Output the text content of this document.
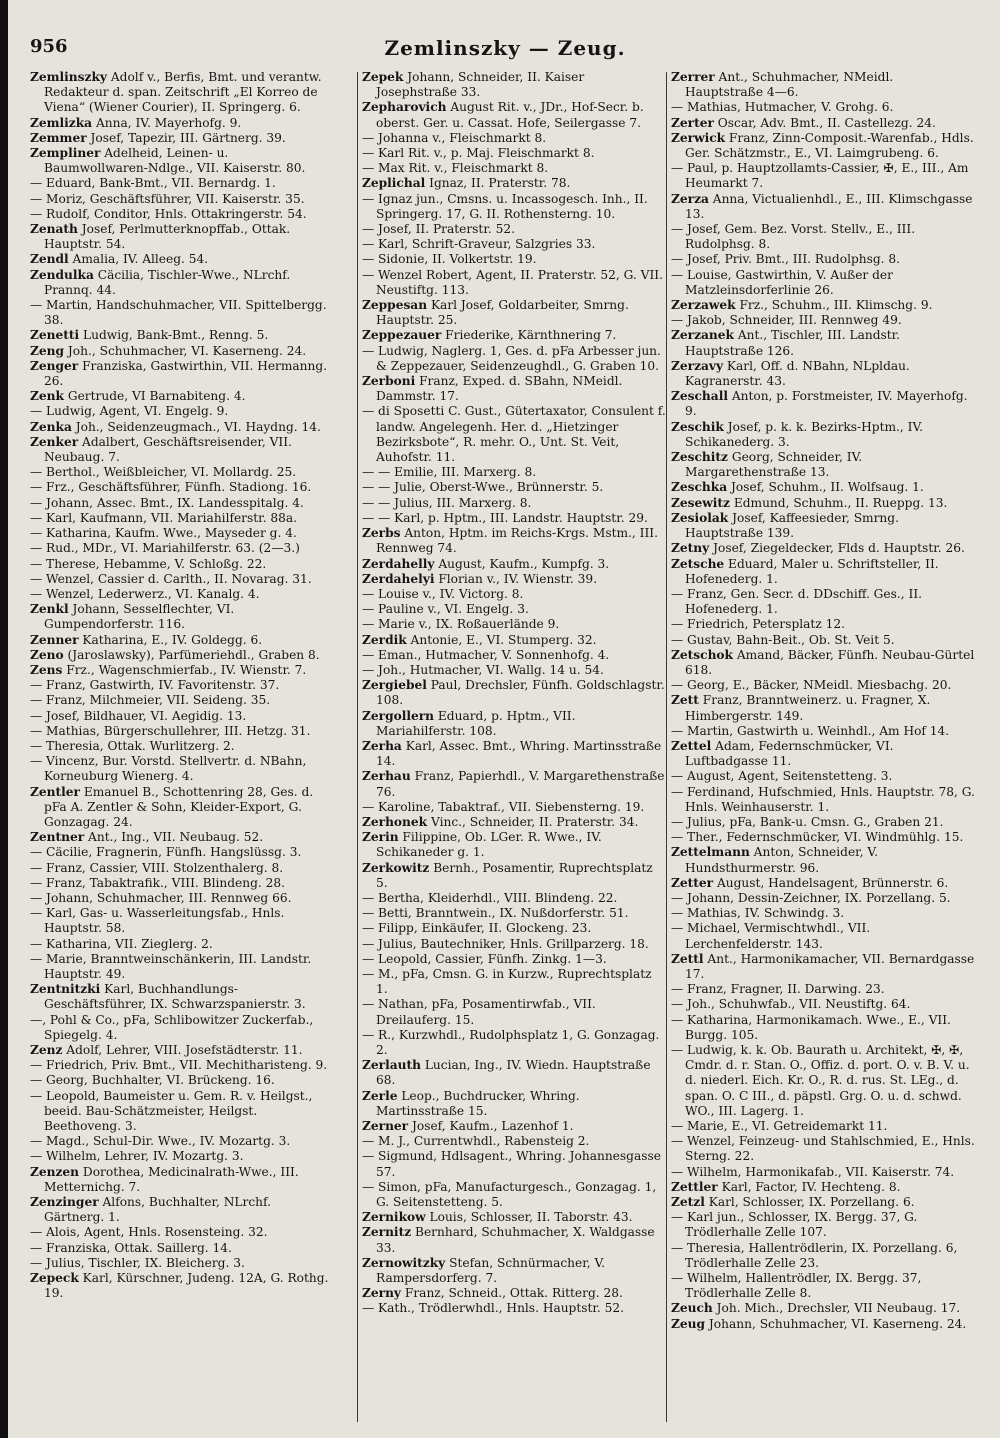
956	Zemlinszky — Zeug.

Zemlinszky Adolf v., Berfis, Bmt. und verantw. Redakteur d. span. Zeitschrift „El Korreo de Viena“ (Wiener Courier), II. Springerg. 6.

Zemlizka Anna, IV. Mayerhofg. 9.

Zemmer Josef, Tapezir, III. Gärtnerg. 39.

Zempliner Adelheid, Leinen- u. Baumwollwaren-Ndlge., VII. Kaiserstr. 80.

— Eduard, Bank-Bmt., VII. Bernardg. 1.

— Moriz, Geschäftsführer, VII. Kaiserstr. 35.

— Rudolf, Conditor, Hnls. Ottakringerstr. 54.

Zenath Josef, Perlmutterknopffab., Ottak. Hauptstr. 54.

Zendl Amalia, IV. Alleeg. 54.

Zendulka Cäcilia, Tischler-Wwe., NLrchf. Prannq. 44.

— Martin, Handschuhmacher, VII. Spittelbergg. 38.

Zenetti Ludwig, Bank-Bmt., Renng. 5.

Zeng Joh., Schuhmacher, VI. Kaserneng. 24.

Zenger Franziska, Gastwirthin, VII. Hermanng. 26.

Zenk Gertrude, VI Barnabiteng. 4.

— Ludwig, Agent, VI. Engelg. 9.

Zenka Joh., Seidenzeugmach., VI. Haydng. 14.

Zenker Adalbert, Geschäftsreisender, VII. Neubaug. 7.

— Berthol., Weißbleicher, VI. Mollardg. 25.

— Frz., Geschäftsführer, Fünfh. Stadiong. 16.

— Johann, Assec. Bmt., IX. Landesspitalg. 4.

— Karl, Kaufmann, VII. Mariahilferstr. 88a.

— Katharina, Kaufm. Wwe., Mayseder g. 4.

— Rud., MDr., VI. Mariahilferstr. 63. (2—3.)

— Therese, Hebamme, V. Schloßg. 22.

— Wenzel, Cassier d. Carlth., II. Novarag. 31.

— Wenzel, Lederwerz., VI. Kanalg. 4.

Zenkl Johann, Sesselflechter, VI. Gumpendorferstr. 116.

Zenner Katharina, E., IV. Goldegg. 6.

Zeno (Jaroslawsky), Parfümeriehdl., Graben 8.

Zens Frz., Wagenschmierfab., IV. Wienstr. 7.

— Franz, Gastwirth, IV. Favoritenstr. 37.

— Franz, Milchmeier, VII. Seideng. 35.

— Josef, Bildhauer, VI. Aegidig. 13.

— Mathias, Bürgerschullehrer, III. Hetzg. 31.

— Theresia, Ottak. Wurlitzerg. 2.

— Vincenz, Bur. Vorstd. Stellvertr. d. NBahn, Korneuburg Wienerg. 4.

Zentler Emanuel B., Schottenring 28, Ges. d. pFa A. Zentler & Sohn, Kleider-Export, G. Gonzagag. 24.

Zentner Ant., Ing., VII. Neubaug. 52.

— Cäcilie, Fragnerin, Fünfh. Hangslüssg. 3.

— Franz, Cassier, VIII. Stolzenthalerg. 8.

— Franz, Tabaktrafik., VIII. Blindeng. 28.

— Johann, Schuhmacher, III. Rennweg 66.

— Karl, Gas- u. Wasserleitungsfab., Hnls. Hauptstr. 58.

— Katharina, VII. Zieglerg. 2.

— Marie, Branntweinschänkerin, III. Landstr. Hauptstr. 49.

Zentnitzki Karl, Buchhandlungs-Geschäftsführer, IX. Schwarzspanierstr. 3.

—, Pohl & Co., pFa, Schlibowitzer Zuckerfab., Spiegelg. 4.

Zenz Adolf, Lehrer, VIII. Josefstädterstr. 11.

— Friedrich, Priv. Bmt., VII. Mechitharisteng. 9.

— Georg, Buchhalter, VI. Brückeng. 16.

— Leopold, Baumeister u. Gem. R. v. Heilgst., beeid. Bau-Schätzmeister, Heilgst. Beethoveng. 3.

— Magd., Schul-Dir. Wwe., IV. Mozartg. 3.

— Wilhelm, Lehrer, IV. Mozartg. 3.

Zenzen Dorothea, Medicinalrath-Wwe., III. Metternichg. 7.

Zenzinger Alfons, Buchhalter, NLrchf. Gärtnerg. 1.

— Alois, Agent, Hnls. Rosensteing. 32.

— Franziska, Ottak. Saillerg. 14.

— Julius, Tischler, IX. Bleicherg. 3.

Zepeck Karl, Kürschner, Judeng. 12A, G. Rothg. 19.

Zepek Johann, Schneider, II. Kaiser Josephstraße 33.

Zepharovich August Rit. v., JDr., Hof-Secr. b. oberst. Ger. u. Cassat. Hofe, Seilergasse 7.

— Johanna v., Fleischmarkt 8.

— Karl Rit. v., p. Maj. Fleischmarkt 8.

— Max Rit. v., Fleischmarkt 8.

Zeplichal Ignaz, II. Praterstr. 78.

— Ignaz jun., Cmsns. u. Incassogesch. Inh., II. Springerg. 17, G. II. Rothensterng. 10.

— Josef, II. Praterstr. 52.

— Karl, Schrift-Graveur, Salzgries 33.

— Sidonie, II. Volkertstr. 19.

— Wenzel Robert, Agent, II. Praterstr. 52, G. VII. Neustiftg. 113.

Zeppesan Karl Josef, Goldarbeiter, Smrng. Hauptstr. 25.

Zeppezauer Friederike, Kärnthnering 7.

— Ludwig, Naglerg. 1, Ges. d. pFa Arbesser jun. & Zeppezauer, Seidenzeughdl., G. Graben 10.

Zerboni Franz, Exped. d. SBahn, NMeidl. Dammstr. 17.

— di Sposetti C. Gust., Gütertaxator, Consulent f. landw. Angelegenh. Her. d. „Hietzinger Bezirksbote“, R. mehr. O., Unt. St. Veit, Auhofstr. 11.

— — Emilie, III. Marxerg. 8.

— — Julie, Oberst-Wwe., Brünnerstr. 5.

— — Julius, III. Marxerg. 8.

— — Karl, p. Hptm., III. Landstr. Hauptstr. 29.

Zerbs Anton, Hptm. im Reichs-Krgs. Mstm., III. Rennweg 74.

Zerdahelly August, Kaufm., Kumpfg. 3.

Zerdahelyi Florian v., IV. Wienstr. 39.

— Louise v., IV. Victorg. 8.

— Pauline v., VI. Engelg. 3.

— Marie v., IX. Roßauerlände 9.

Zerdik Antonie, E., VI. Stumperg. 32.

— Eman., Hutmacher, V. Sonnenhofg. 4.

— Joh., Hutmacher, VI. Wallg. 14 u. 54.

Zergiebel Paul, Drechsler, Fünfh. Goldschlagstr. 108.

Zergollern Eduard, p. Hptm., VII. Mariahilferstr. 108.

Zerha Karl, Assec. Bmt., Whring. Martinsstraße 14.

Zerhau Franz, Papierhdl., V. Margarethenstraße 76.

— Karoline, Tabaktraf., VII. Siebensterng. 19.

Zerhonek Vinc., Schneider, II. Praterstr. 34.

Zerin Filippine, Ob. LGer. R. Wwe., IV. Schikaneder g. 1.

Zerkowitz Bernh., Posamentir, Ruprechtsplatz 5.

— Bertha, Kleiderhdl., VIII. Blindeng. 22.

— Betti, Branntwein., IX. Nußdorferstr. 51.

— Filipp, Einkäufer, II. Glockeng. 23.

— Julius, Bautechniker, Hnls. Grillparzerg. 18.

— Leopold, Cassier, Fünfh. Zinkg. 1—3.

— M., pFa, Cmsn. G. in Kurzw., Ruprechtsplatz 1.

— Nathan, pFa, Posamentirwfab., VII. Dreilauferg. 15.

— R., Kurzwhdl., Rudolphsplatz 1, G. Gonzagag. 2.

Zerlauth Lucian, Ing., IV. Wiedn. Hauptstraße 68.

Zerle Leop., Buchdrucker, Whring. Martinsstraße 15.

Zerner Josef, Kaufm., Lazenhof 1.

— M. J., Currentwhdl., Rabensteig 2.

— Sigmund, Hdlsagent., Whring. Johannesgasse 57.

— Simon, pFa, Manufacturgesch., Gonzagag. 1, G. Seitenstetteng. 5.

Zernikow Louis, Schlosser, II. Taborstr. 43.

Zernitz Bernhard, Schuhmacher, X. Waldgasse 33.

Zernowitzky Stefan, Schnürmacher, V. Rampersdorferg. 7.

Zerny Franz, Schneid., Ottak. Ritterg. 28.

— Kath., Trödlerwhdl., Hnls. Hauptstr. 52.

Zerrer Ant., Schuhmacher, NMeidl. Hauptstraße 4—6.

— Mathias, Hutmacher, V. Grohg. 6.

Zerter Oscar, Adv. Bmt., II. Castellezg. 24.

Zerwick Franz, Zinn-Composit.-Warenfab., Hdls. Ger. Schätzmstr., E., VI. Laimgrubeng. 6.

— Paul, p. Hauptzollamts-Cassier, ✠, E., III., Am Heumarkt 7.

Zerza Anna, Victualienhdl., E., III. Klimschgasse 13.

— Josef, Gem. Bez. Vorst. Stellv., E., III. Rudolphsg. 8.

— Josef, Priv. Bmt., III. Rudolphsg. 8.

— Louise, Gastwirthin, V. Außer der Matzleinsdorferlinie 26.

Zerzawek Frz., Schuhm., III. Klimschg. 9.

— Jakob, Schneider, III. Rennweg 49.

Zerzanek Ant., Tischler, III. Landstr. Hauptstraße 126.

Zerzavy Karl, Off. d. NBahn, NLpldau. Kagranerstr. 43.

Zeschall Anton, p. Forstmeister, IV. Mayerhofg. 9.

Zeschik Josef, p. k. k. Bezirks-Hptm., IV. Schikanederg. 3.

Zeschitz Georg, Schneider, IV. Margarethenstraße 13.

Zeschka Josef, Schuhm., II. Wolfsaug. 1.

Zesewitz Edmund, Schuhm., II. Rueppg. 13.

Zesiolak Josef, Kaffeesieder, Smrng. Hauptstraße 139.

Zetny Josef, Ziegeldecker, Flds d. Hauptstr. 26.

Zetsche Eduard, Maler u. Schriftsteller, II. Hofenederg. 1.

— Franz, Gen. Secr. d. DDschiff. Ges., II. Hofenederg. 1.

— Friedrich, Petersplatz 12.

— Gustav, Bahn-Beit., Ob. St. Veit 5.

Zetschok Amand, Bäcker, Fünfh. Neubau-Gürtel 618.

— Georg, E., Bäcker, NMeidl. Miesbachg. 20.

Zett Franz, Branntweinerz. u. Fragner, X. Himbergerstr. 149.

— Martin, Gastwirth u. Weinhdl., Am Hof 14.

Zettel Adam, Federnschmücker, VI. Luftbadgasse 11.

— August, Agent, Seitenstetteng. 3.

— Ferdinand, Hufschmied, Hnls. Hauptstr. 78, G. Hnls. Weinhauserstr. 1.

— Julius, pFa, Bank-u. Cmsn. G., Graben 21.

— Ther., Federnschmücker, VI. Windmühlg. 15.

Zettelmann Anton, Schneider, V. Hundsthurmerstr. 96.

Zetter August, Handelsagent, Brünnerstr. 6.

— Johann, Dessin-Zeichner, IX. Porzellang. 5.

— Mathias, IV. Schwindg. 3.

— Michael, Vermischtwhdl., VII. Lerchenfelderstr. 143.

Zettl Ant., Harmonikamacher, VII. Bernardgasse 17.

— Franz, Fragner, II. Darwing. 23.

— Joh., Schuhwfab., VII. Neustiftg. 64.

— Katharina, Harmonikamach. Wwe., E., VII. Burgg. 105.

— Ludwig, k. k. Ob. Baurath u. Architekt, ✠, ✠, Cmdr. d. r. Stan. O., Offiz. d. port. O. v. B. V. u. d. niederl. Eich. Kr. O., R. d. rus. St. LEg., d. span. O. C III., d. päpstl. Grg. O. u. d. schwd. WO., III. Lagerg. 1.

— Marie, E., VI. Getreidemarkt 11.

— Wenzel, Feinzeug- und Stahlschmied, E., Hnls. Sterng. 22.

— Wilhelm, Harmonikafab., VII. Kaiserstr. 74.

Zettler Karl, Factor, IV. Hechteng. 8.

Zetzl Karl, Schlosser, IX. Porzellang. 6.

— Karl jun., Schlosser, IX. Bergg. 37, G. Trödlerhalle Zelle 107.

— Theresia, Hallentrödlerin, IX. Porzellang. 6, Trödlerhalle Zelle 23.

— Wilhelm, Hallentrödler, IX. Bergg. 37, Trödlerhalle Zelle 8.

Zeuch Joh. Mich., Drechsler, VII Neubaug. 17.

Zeug Johann, Schuhmacher, VI. Kaserneng. 24.
